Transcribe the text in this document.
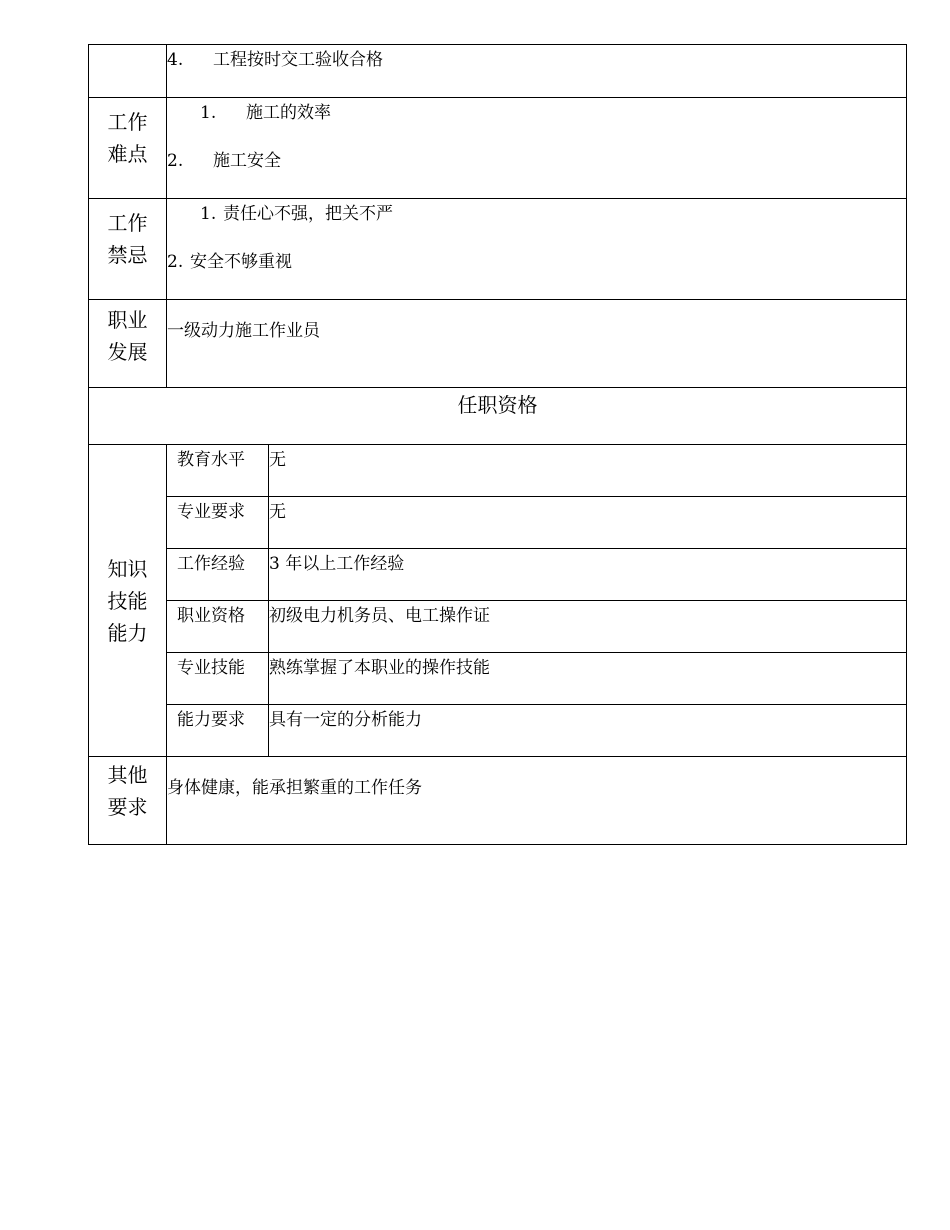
	4. 工程按时交工验收合格	

工作
难点	1. 施工的效率
2. 施工安全	

工作
禁忌	1. 责任心不强，把关不严
2. 安全不够重视	

职业
发展	一级动力施工作业员	

任职资格		

知识
技能
能力	教育水平	无
	专业要求	无
	工作经验	3 年以上工作经验
	职业资格	初级电力机务员、电工操作证
	专业技能	熟练掌握了本职业的操作技能
	能力要求	具有一定的分析能力

其他
要求	身体健康，能承担繁重的工作任务	
